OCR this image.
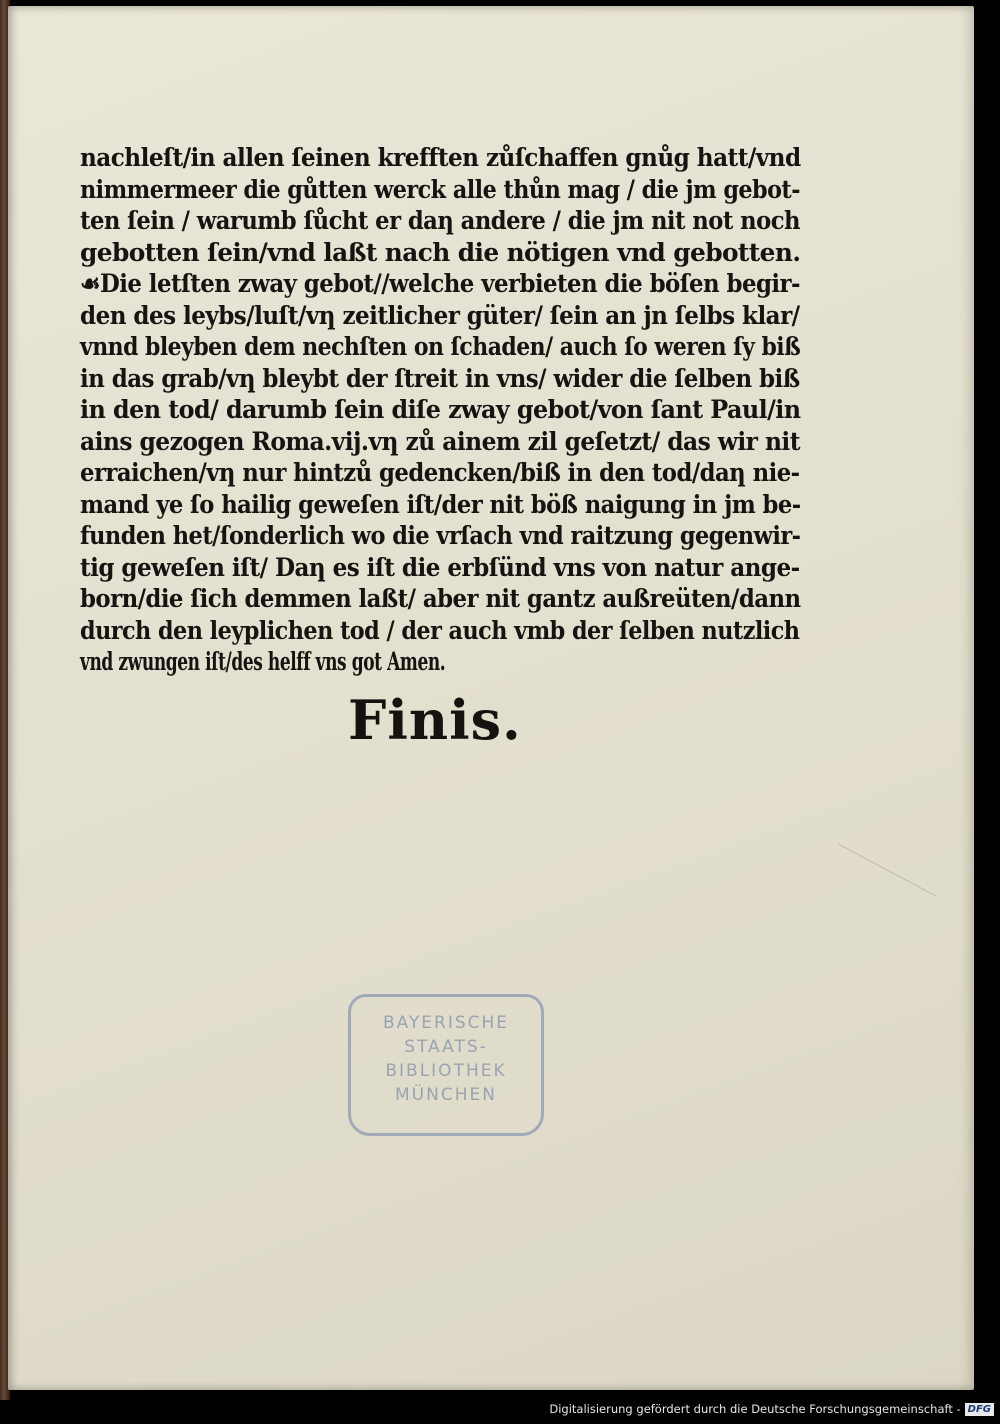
nachleſt/in allen ſeinen krefften zůſchaffen gnůg hatt/vnd
nimmermeer die gůtten werck alle thůn mag / die jm gebot-
ten ſein / warumb ſůcht er daƞ andere / die jm nit not noch
gebotten ſein/vnd laßt nach die nötigen vnd gebotten.
☙Die letſten zway gebot//welche verbieten die böſen begir-
den des leybs/luſt/vƞ zeitlicher güter/ ſein an jn ſelbs klar/
vnnd bleyben dem nechſten on ſchaden/ auch ſo weren ſy biß
in das grab/vƞ bleybt der ſtreit in vns/ wider die ſelben biß
in den tod/ darumb ſein diſe zway gebot/von ſant Paul/in
ains gezogen Roma.vij.vƞ zů ainem zil geſetzt/ das wir nit
erraichen/vƞ nur hintzů gedencken/biß in den tod/daƞ nie-
mand ye ſo hailig geweſen iſt/der nit böß naigung in jm be-
funden het/ſonderlich wo die vrſach vnd raitzung gegenwir-
tig geweſen iſt/ Daƞ es iſt die erbſünd vns von natur ange-
born/die ſich demmen laßt/ aber nit gantz außreüten/dann
durch den leyplichen tod / der auch vmb der ſelben nutzlich
vnd zwungen iſt/des helff vns got Amen.
Finis.
BAYERISCHE
STAATS-
BIBLIOTHEK
MÜNCHEN
Digitalisierung gefördert durch die Deutsche Forschungsgemeinschaft - DFG
